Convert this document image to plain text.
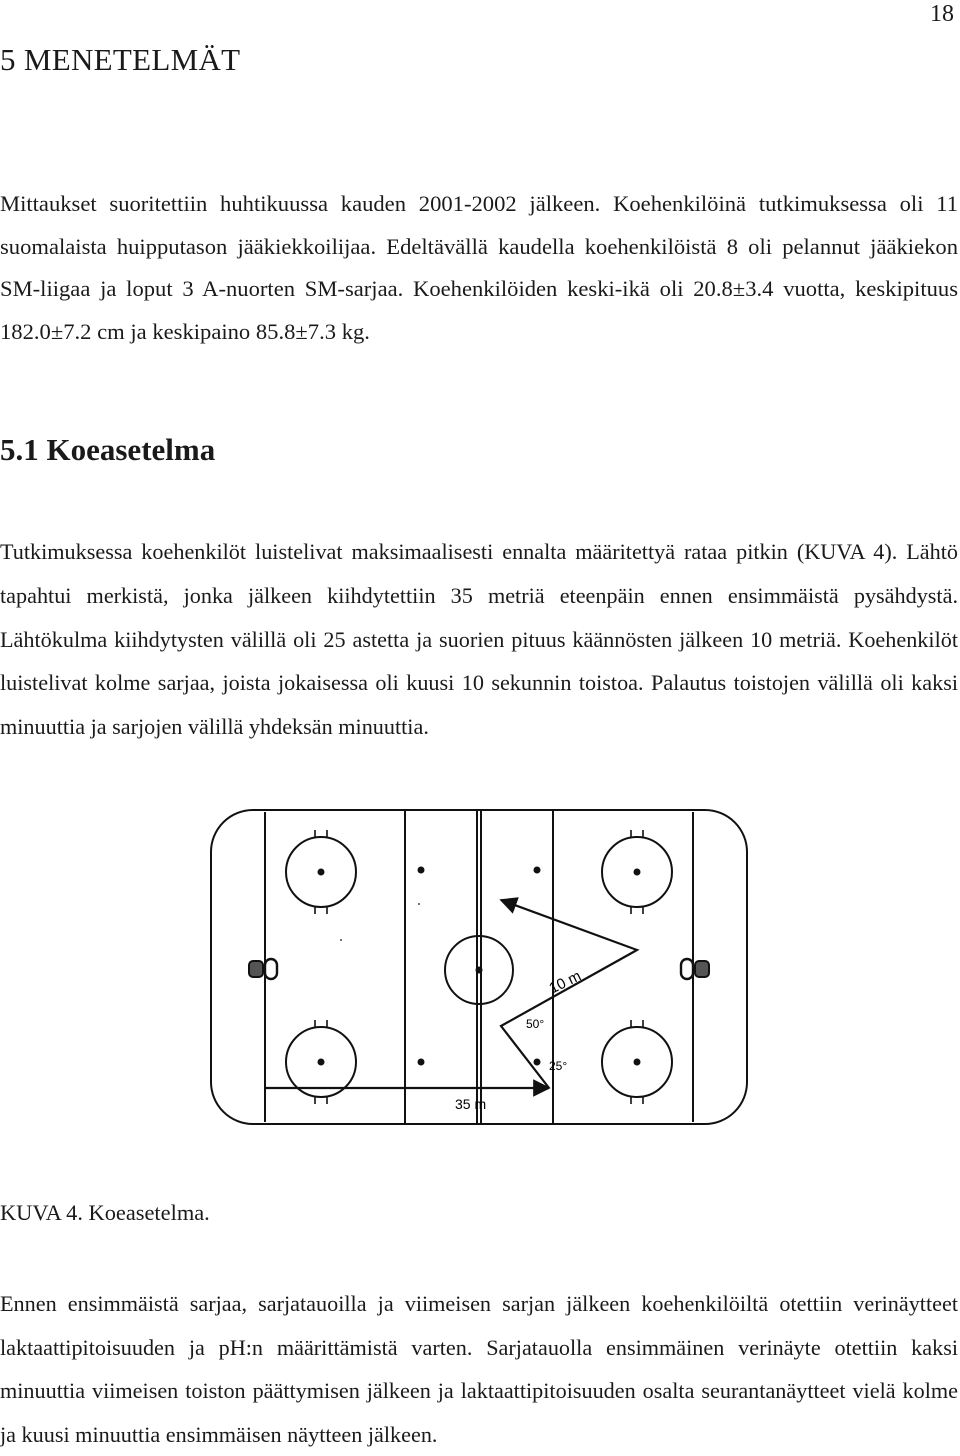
18
5 MENETELMÄT

Mittaukset suoritettiin huhtikuussa kauden 2001-2002 jälkeen. Koehenkilöinä tutkimuksessa oli 11 suomalaista huipputason jääkiekkoilijaa. Edeltävällä kaudella koehenkilöistä 8 oli pelannut jääkiekon SM-liigaa ja loput 3 A-nuorten SM-sarjaa. Koehenkilöiden keski-ikä oli 20.8±3.4 vuotta, keskipituus 182.0±7.2 cm ja keskipaino 85.8±7.3 kg.

5.1 Koeasetelma

Tutkimuksessa koehenkilöt luistelivat maksimaalisesti ennalta määritettyä rataa pitkin (KUVA 4). Lähtö tapahtui merkistä, jonka jälkeen kiihdytettiin 35 metriä eteenpäin ennen ensimmäistä pysähdystä. Lähtökulma kiihdytysten välillä oli 25 astetta ja suorien pituus käännösten jälkeen 10 metriä. Koehenkilöt luistelivat kolme sarjaa, joista jokaisessa oli kuusi 10 sekunnin toistoa. Palautus toistojen välillä oli kaksi minuuttia ja sarjojen välillä yhdeksän minuuttia.

10 m
50°
25°
35 m

KUVA 4. Koeasetelma.

Ennen ensimmäistä sarjaa, sarjatauoilla ja viimeisen sarjan jälkeen koehenkilöiltä otettiin verinäytteet laktaattipitoisuuden ja pH:n määrittämistä varten. Sarjatauolla ensimmäinen verinäyte otettiin kaksi minuuttia viimeisen toiston päättymisen jälkeen ja laktaattipitoisuuden osalta seurantanäytteet vielä kolme ja kuusi minuuttia ensimmäisen näytteen jälkeen.
